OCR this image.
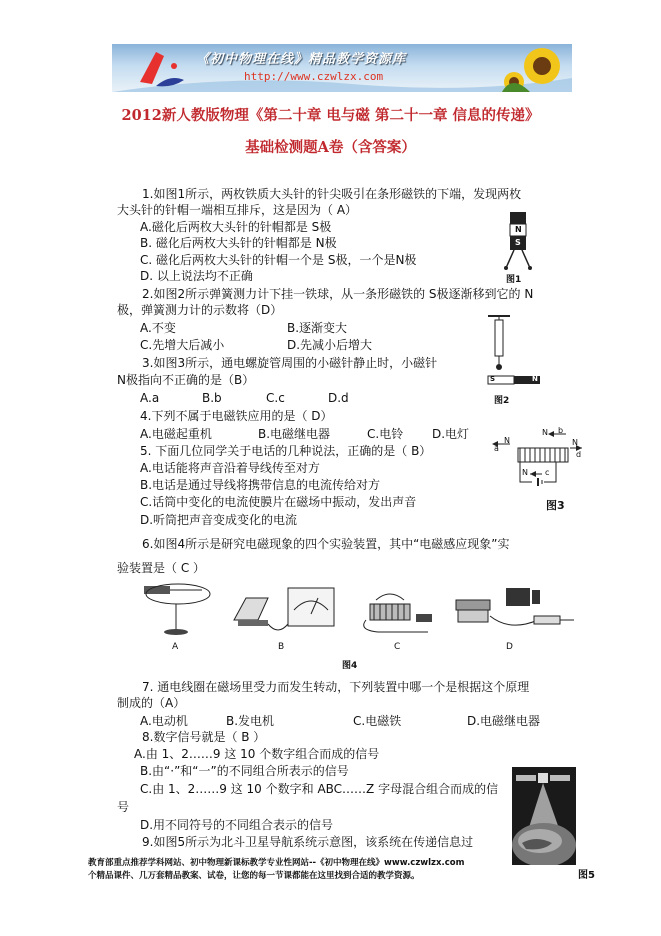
《初中物理在线》精品教学资源库
http://www.czwlzx.com
2012新人教版物理《第二十章 电与磁 第二十一章 信息的传递》
基础检测题A卷（含答案）
1.如图1所示，两枚铁质大头针的针尖吸引在条形磁铁的下端，发现两枚
大头针的针帽一端相互排斥，这是因为（ A）
A.磁化后两枚大头针的针帽都是 S极
B. 磁化后两枚大头针的针帽都是 N极
C. 磁化后两枚大头针的针帽一个是 S极，一个是N极
D. 以上说法均不正确
2.如图2所示弹簧测力计下挂一铁球，从一条形磁铁的 S极逐渐移到它的 N
极，弹簧测力计的示数将（D）
A.不变	B.逐渐变大
C.先增大后减小	D.先减小后增大
3.如图3所示，通电螺旋管周围的小磁针静止时，小磁针
N极指向不正确的是（B）
A.a	B.b	C.c	D.d
4.下列不属于电磁铁应用的是（ D）
A.电磁起重机	B.电磁继电器	C.电铃 D.电灯
5. 下面几位同学关于电话的几种说法，正确的是（ B）
A.电话能将声音沿着导线传至对方
B.电话是通过导线将携带信息的电流传给对方
C.话筒中变化的电流使膜片在磁场中振动，发出声音
D.听筒把声音变成变化的电流
6.如图4所示是研究电磁现象的四个实验装置，其中“电磁感应现象”实
验装置是（ C ）
7. 通电线圈在磁场里受力而发生转动，下列装置中哪一个是根据这个原理
制成的（A）
A.电动机	B.发电机	C.电磁铁	D.电磁继电器
8.数字信号就是（ B ）
A.由 1、2……9 这 10 个数字组合而成的信号
B.由“·”和“一”的不同组合所表示的信号
C.由 1、2……9 这 10 个数字和 ABC……Z 字母混合组合而成的信
号
D.用不同符号的不同组合表示的信号
9.如图5所示为北斗卫星导航系统示意图，该系统在传递信息过
N
S
图1
S	N
图2
a
N
N b
N
d
N c
图3
A	B	C	D
图4
图5
教育部重点推荐学科网站、初中物理新课标教学专业性网站--《初中物理在线》www.czwlzx.com
个精品课件、几万套精品教案、试卷，让您的每一节课都能在这里找到合适的教学资源。
